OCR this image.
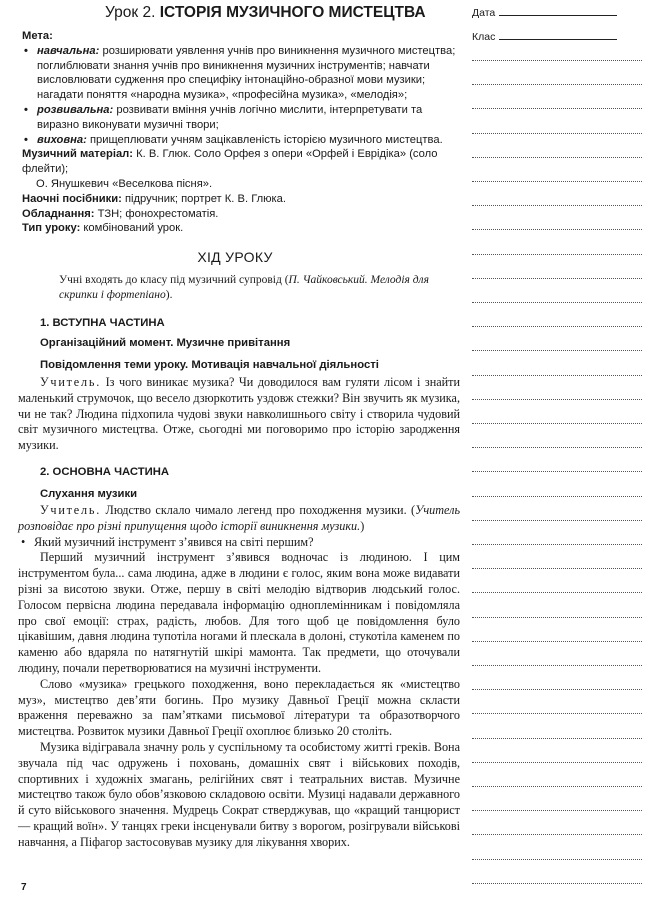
Урок 2. ІСТОРІЯ МУЗИЧНОГО МИСТЕЦТВА	Дата
Клас

Мета:

• навчальна: розширювати уявлення учнів про виникнення музичного мистецтва; поглиблювати знання учнів про виникнення музичних інструментів; навчати висловлювати судження про специфіку інтонаційно-образної мови музики; нагадати поняття «народна музика», «професійна музика», «мелодія»;

• розвивальна: розвивати вміння учнів логічно мислити, інтерпретувати та виразно виконувати музичні твори;

• виховна: прищеплювати учням зацікавленість історією музичного мистецтва.

Музичний матеріал: К. В. Глюк. Соло Орфея з опери «Орфей і Еврідіка» (соло флейти);

О. Янушкевич «Веселкова пісня».

Наочні посібники: підручник; портрет К. В. Глюка.

Обладнання: ТЗН; фонохрестоматія.

Тип уроку: комбінований урок.

ХІД УРОКУ
Учні входять до класу під музичний супровід (П. Чайковський. Мелодія для скрипки і фортепіано).
1. ВСТУПНА ЧАСТИНА
Організаційний момент. Музичне привітання
Повідомлення теми уроку. Мотивація навчальної діяльності

Учитель. Із чого виникає музика? Чи доводилося вам гуляти лісом і знайти маленький струмочок, що весело дзюркотить уздовж стежки? Він звучить як музика, чи не так? Людина підхопила чудові звуки навколишнього світу і створила чудовий світ музичного мистецтва. Отже, сьогодні ми поговоримо про історію зародження музики.

2. ОСНОВНА ЧАСТИНА
Слухання музики

Учитель. Людство склало чимало легенд про походження музики. (Учитель розповідає про різні припущення щодо історії виникнення музики.)

• Який музичний інструмент з’явився на світі першим?

Перший музичний інструмент з’явився водночас із людиною. І цим інструментом була... сама людина, адже в людини є голос, яким вона може видавати різні за висотою звуки. Отже, першу в світі мелодію відтворив людський голос. Голосом первісна людина передавала інформацію одноплемінникам і повідомляла про свої емоції: страх, радість, любов. Для того щоб це повідомлення було цікавішим, давня людина тупотіла ногами й плескала в долоні, стукотіла каменем по каменю або вдаряла по натягнутій шкірі мамонта. Так предмети, що оточували людину, почали перетворюватися на музичні інструменти.

Слово «музика» грецького походження, воно перекладається як «мистецтво муз», мистецтво дев’яти богинь. Про музику Давньої Греції можна скласти враження переважно за пам’ятками письмової літератури та образотворчого мистецтва. Розвиток музики Давньої Греції охоплює близько 20 століть.

Музика відігравала значну роль у суспільному та особистому житті греків. Вона звучала під час одружень і поховань, домашніх свят і військових походів, спортивних і художніх змагань, релігійних свят і театральних вистав. Музичне мистецтво також було обов’язковою складовою освіти. Музиці надавали державного й суто військового значення. Мудрець Сократ стверджував, що «кращий танцюрист — кращий воїн». У танцях греки інсценували битву з ворогом, розігрували військові навчання, а Піфагор застосовував музику для лікування хворих.

7
